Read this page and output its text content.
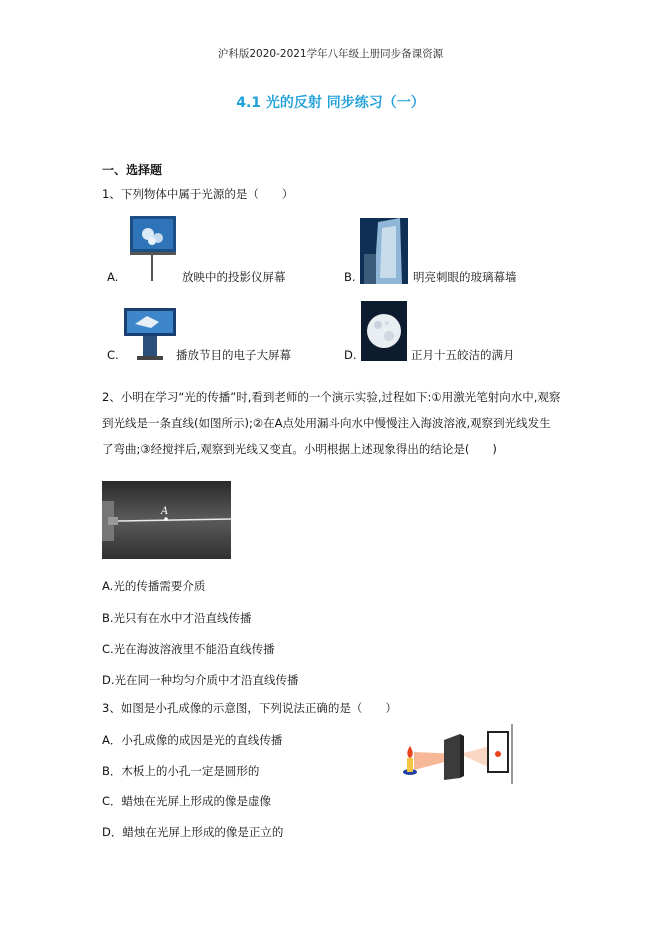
沪科版2020-2021学年八年级上册同步备课资源
4.1 光的反射 同步练习（一）
一、选择题
1、下列物体中属于光源的是（　　）
A.	放映中的投影仪屏幕	B.	明亮刺眼的玻璃幕墙
C.	播放节目的电子大屏幕	D.	正月十五皎洁的满月
2、小明在学习“光的传播”时,看到老师的一个演示实验,过程如下:①用激光笔射向水中,观察
到光线是一条直线(如图所示);②在A点处用漏斗向水中慢慢注入海波溶液,观察到光线发生
了弯曲;③经搅拌后,观察到光线又变直。小明根据上述现象得出的结论是(　　)
A
A.光的传播需要介质
B.光只有在水中才沿直线传播
C.光在海波溶液里不能沿直线传播
D.光在同一种均匀介质中才沿直线传播
3、如图是小孔成像的示意图，下列说法正确的是（　　）
A．小孔成像的成因是光的直线传播
B．木板上的小孔一定是圆形的
C．蜡烛在光屏上形成的像是虚像
D．蜡烛在光屏上形成的像是正立的
